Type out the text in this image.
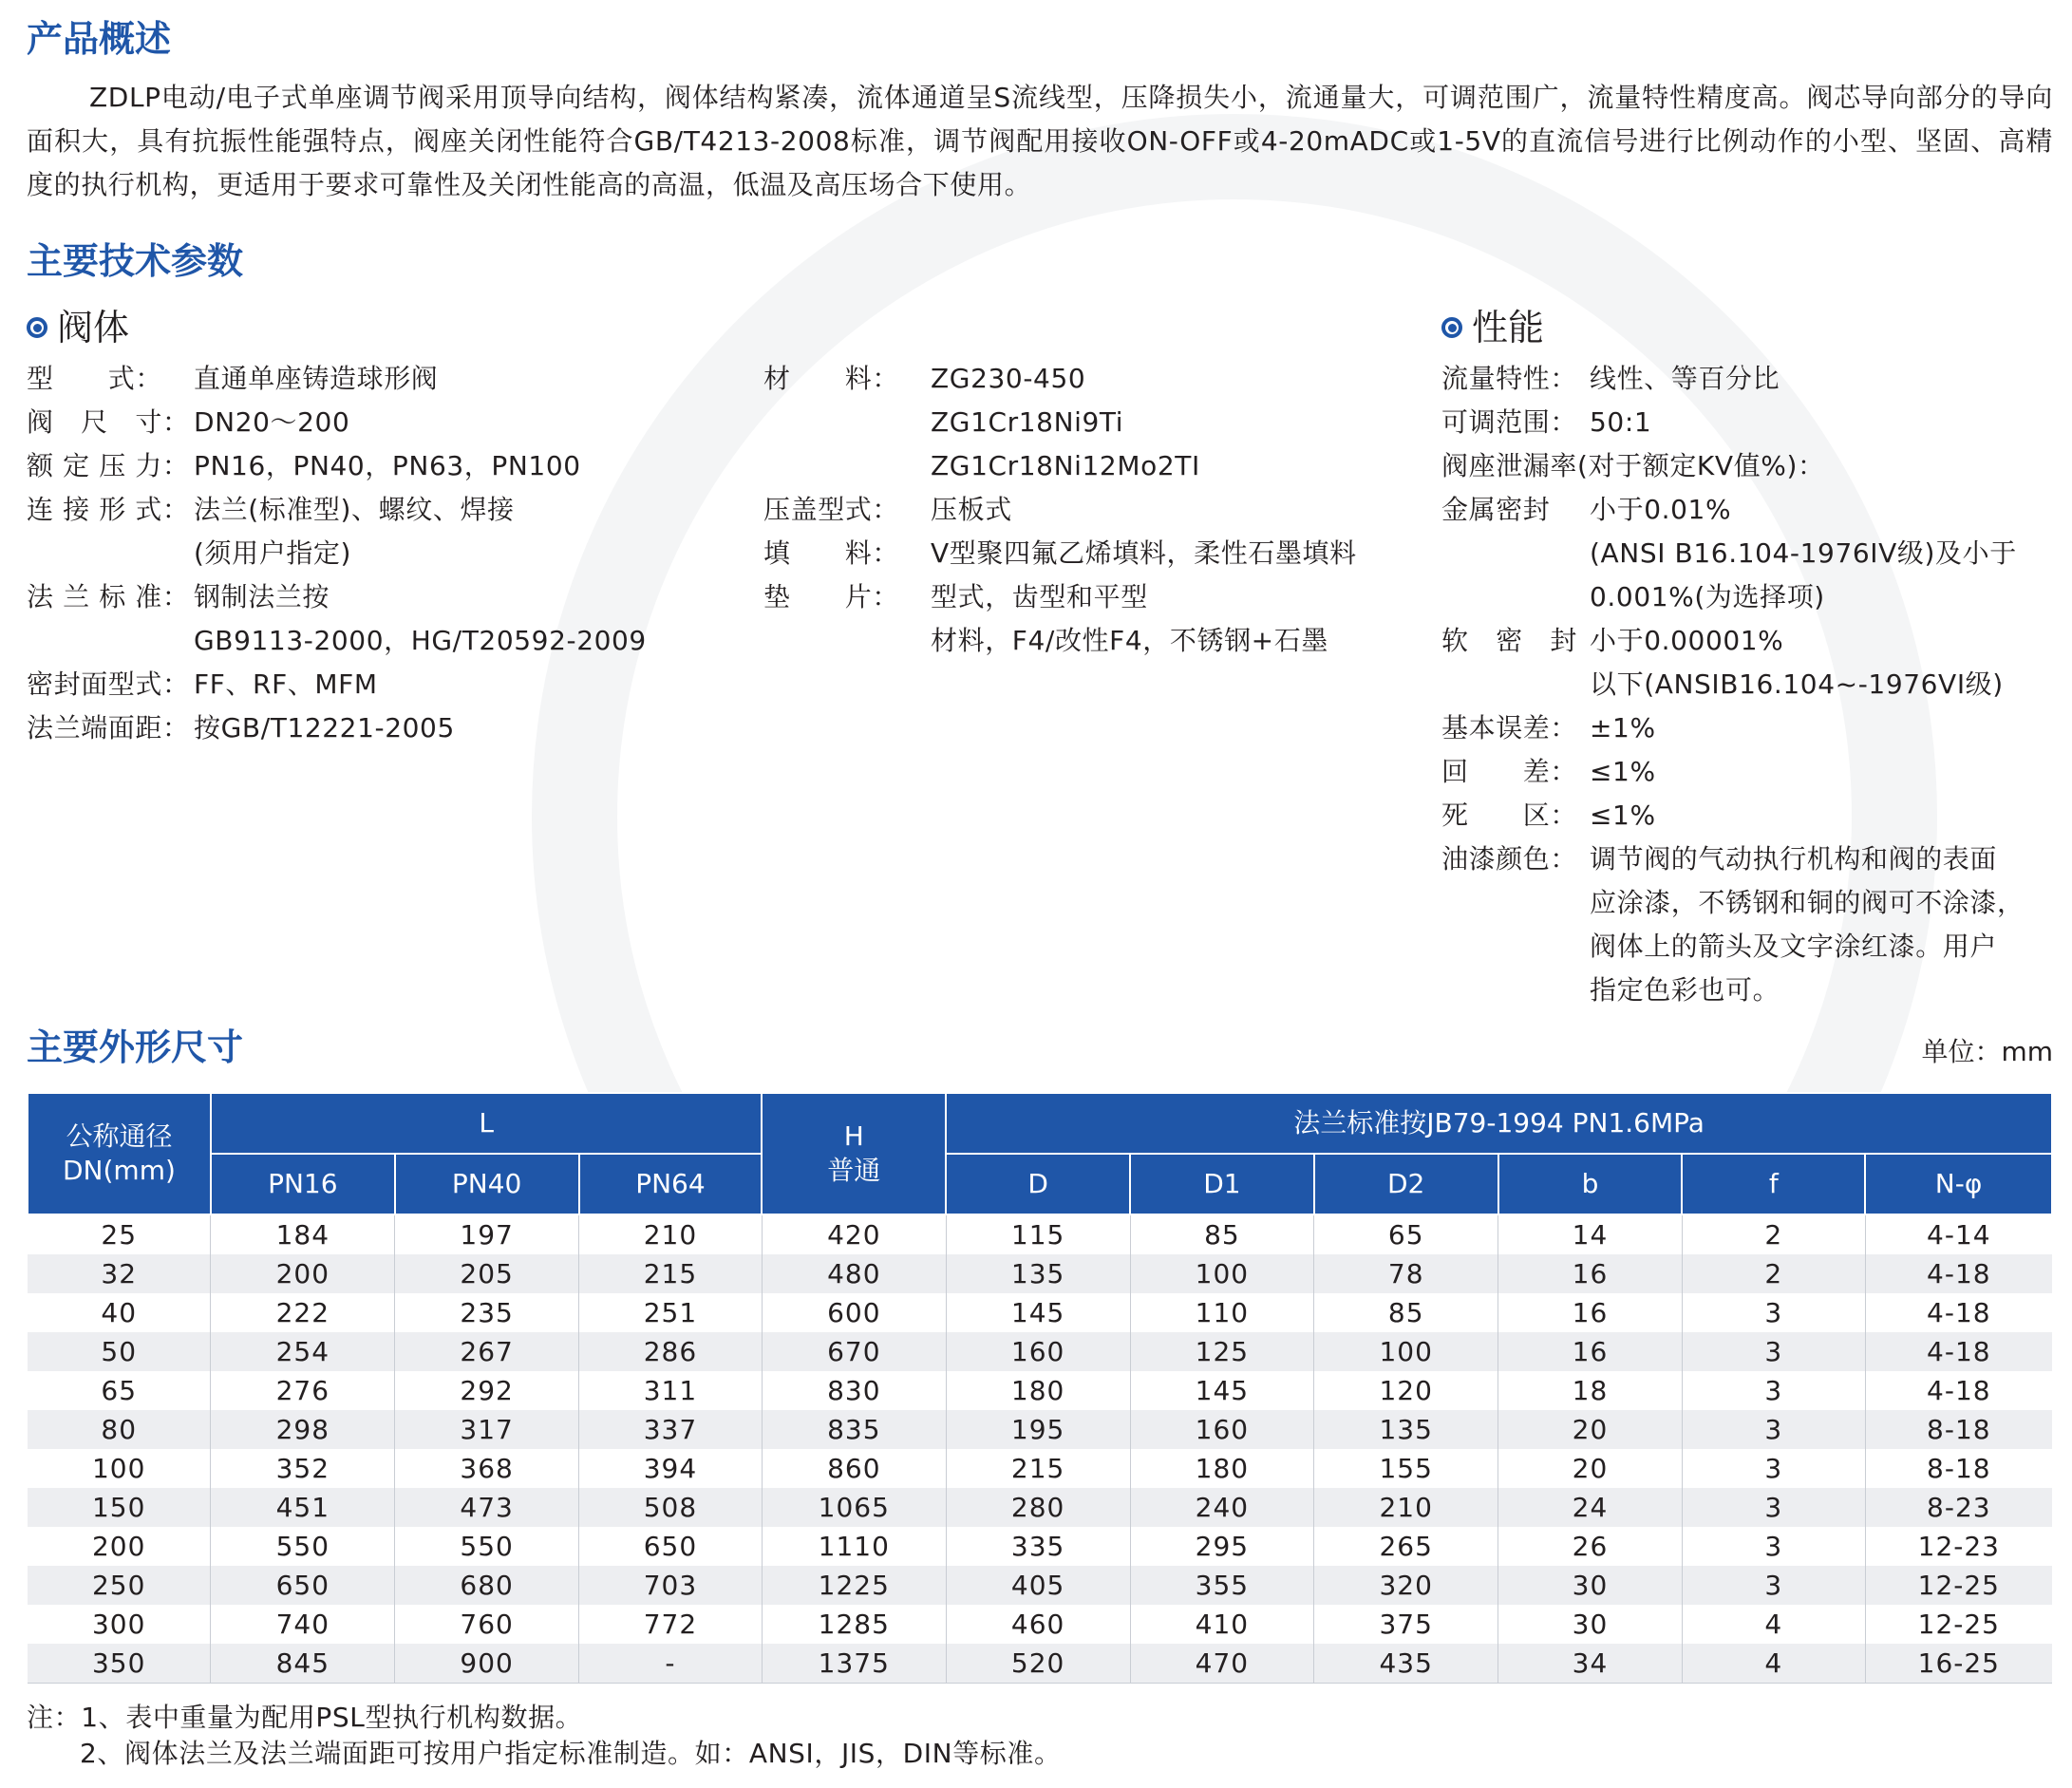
产品概述
ZDLP电动/电子式单座调节阀采用顶导向结构，阀体结构紧凑，流体通道呈S流线型，压降损失小，流通量大，可调范围广，流量特性精度高。阀芯导向部分的导向面积大，具有抗振性能强特点，阀座关闭性能符合GB/T4213-2008标准，调节阀配用接收ON-OFF或4-20mADC或1-5V的直流信号进行比例动作的小型、坚固、高精度的执行机构，更适用于要求可靠性及关闭性能高的高温，低温及高压场合下使用。
主要技术参数
阀体	性能
型　　式：	直通单座铸造球形阀
阀　尺　寸： DN20～200
额 定 压 力： PN16，PN40，PN63，PN100
连 接 形 式： 法兰(标准型)、螺纹、焊接
(须用户指定)
法 兰 标 准： 钢制法兰按
GB9113-2000，HG/T20592-2009
密封面型式： FF、RF、MFM
法兰端面距： 按GB/T12221-2005
材　　料：	ZG230-450
ZG1Cr18Ni9Ti
ZG1Cr18Ni12Mo2TI
压盖型式：	压板式
填　　料：	V型聚四氟乙烯填料，柔性石墨填料
垫　　片：	型式，齿型和平型
材料，F4/改性F4，不锈钢+石墨
流量特性： 线性、等百分比
可调范围： 50:1
阀座泄漏率(对于额定KV值%)：
金属密封　 小于0.01%
(ANSI B16.104-1976IV级)及小于
0.001%(为选择项)
软　密　封　
小于0.00001%
以下(ANSIB16.104~-1976VI级)
基本误差： ±1%
回　　差： ≤1%
死　　区： ≤1%
油漆颜色： 调节阀的气动执行机构和阀的表面
应涂漆，不锈钢和铜的阀可不涂漆，
阀体上的箭头及文字涂红漆。用户
指定色彩也可。
主要外形尺寸	单位：mm
公称通径
DN(mm)	L			H
普通	法兰标准按JB79-1994 PN1.6MPa					
	PN16	PN40	PN64		D	D1	D2	b	f	N-φ
25	184	197	210	420	115	85	65	14	2	4-14
32	200	205	215	480	135	100	78	16	2	4-18
40	222	235	251	600	145	110	85	16	3	4-18
50	254	267	286	670	160	125	100	16	3	4-18
65	276	292	311	830	180	145	120	18	3	4-18
80	298	317	337	835	195	160	135	20	3	8-18
100	352	368	394	860	215	180	155	20	3	8-18
150	451	473	508	1065	280	240	210	24	3	8-23
200	550	550	650	1110	335	295	265	26	3	12-23
250	650	680	703	1225	405	355	320	30	3	12-25
300	740	760	772	1285	460	410	375	30	4	12-25
350	845	900	-	1375	520	470	435	34	4	16-25
注：1、表中重量为配用PSL型执行机构数据。
2、阀体法兰及法兰端面距可按用户指定标准制造。如：ANSI，JIS，DIN等标准。
